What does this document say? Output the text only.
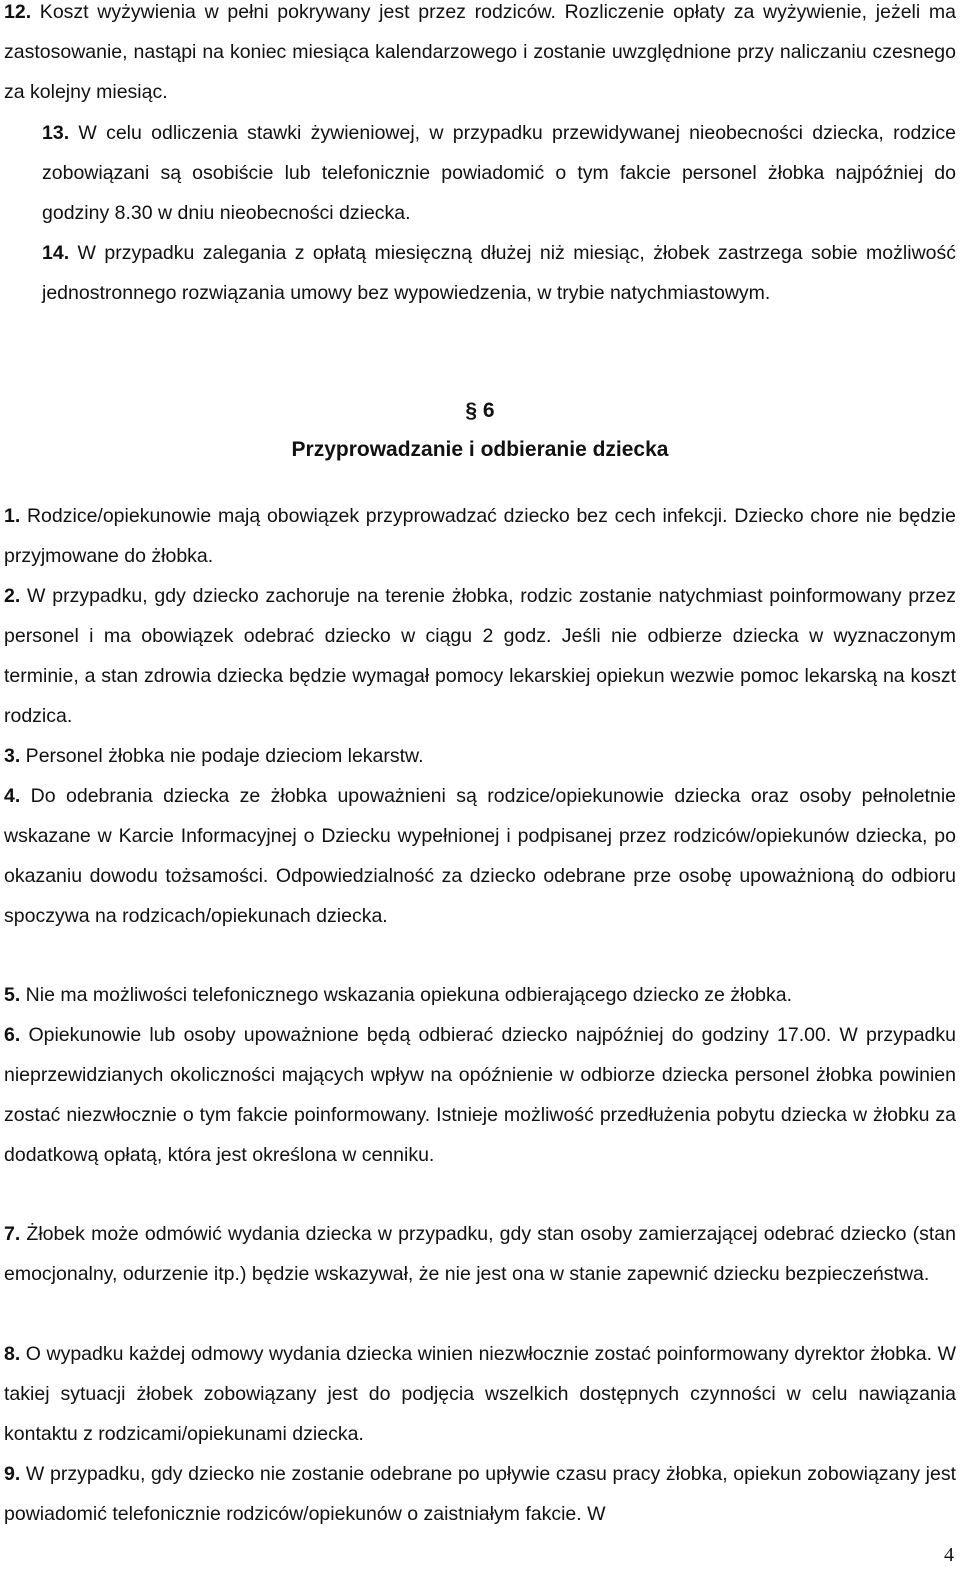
12. Koszt wyżywienia w pełni pokrywany jest przez rodziców. Rozliczenie opłaty za wyżywienie, jeżeli ma zastosowanie, nastąpi na koniec miesiąca kalendarzowego i zostanie uwzględnione przy naliczaniu czesnego za kolejny miesiąc.

13. W celu odliczenia stawki żywieniowej, w przypadku przewidywanej nieobecności dziecka, rodzice zobowiązani są osobiście lub telefonicznie powiadomić o tym fakcie personel żłobka najpóźniej do godziny 8.30 w dniu nieobecności dziecka.

14. W przypadku zalegania z opłatą miesięczną dłużej niż miesiąc, żłobek zastrzega sobie możliwość jednostronnego rozwiązania umowy bez wypowiedzenia, w trybie natychmiastowym.

§ 6

Przyprowadzanie i odbieranie dziecka

1. Rodzice/opiekunowie mają obowiązek przyprowadzać dziecko bez cech infekcji. Dziecko chore nie będzie przyjmowane do żłobka.

2. W przypadku, gdy dziecko zachoruje na terenie żłobka, rodzic zostanie natychmiast poinformowany przez personel i ma obowiązek odebrać dziecko w ciągu 2 godz. Jeśli nie odbierze dziecka w wyznaczonym terminie, a stan zdrowia dziecka będzie wymagał pomocy lekarskiej opiekun wezwie pomoc lekarską na koszt rodzica.

3. Personel żłobka nie podaje dzieciom lekarstw.

4. Do odebrania dziecka ze żłobka upoważnieni są rodzice/opiekunowie dziecka oraz osoby pełnoletnie wskazane w Karcie Informacyjnej o Dziecku wypełnionej i podpisanej przez rodziców/opiekunów dziecka, po okazaniu dowodu tożsamości. Odpowiedzialność za dziecko odebrane prze osobę upoważnioną do odbioru spoczywa na rodzicach/opiekunach dziecka.

5. Nie ma możliwości telefonicznego wskazania opiekuna odbierającego dziecko ze żłobka.

6. Opiekunowie lub osoby upoważnione będą odbierać dziecko najpóźniej do godziny 17.00. W przypadku nieprzewidzianych okoliczności mających wpływ na opóźnienie w odbiorze dziecka personel żłobka powinien zostać niezwłocznie o tym fakcie poinformowany. Istnieje możliwość przedłużenia pobytu dziecka w żłobku za dodatkową opłatą, która jest określona w cenniku.

7. Żłobek może odmówić wydania dziecka w przypadku, gdy stan osoby zamierzającej odebrać dziecko (stan emocjonalny, odurzenie itp.) będzie wskazywał, że nie jest ona w stanie zapewnić dziecku bezpieczeństwa.

8. O wypadku każdej odmowy wydania dziecka winien niezwłocznie zostać poinformowany dyrektor żłobka. W takiej sytuacji żłobek zobowiązany jest do podjęcia wszelkich dostępnych czynności w celu nawiązania kontaktu z rodzicami/opiekunami dziecka.

9. W przypadku, gdy dziecko nie zostanie odebrane po upływie czasu pracy żłobka, opiekun zobowiązany jest powiadomić telefonicznie rodziców/opiekunów o zaistniałym fakcie. W

4
